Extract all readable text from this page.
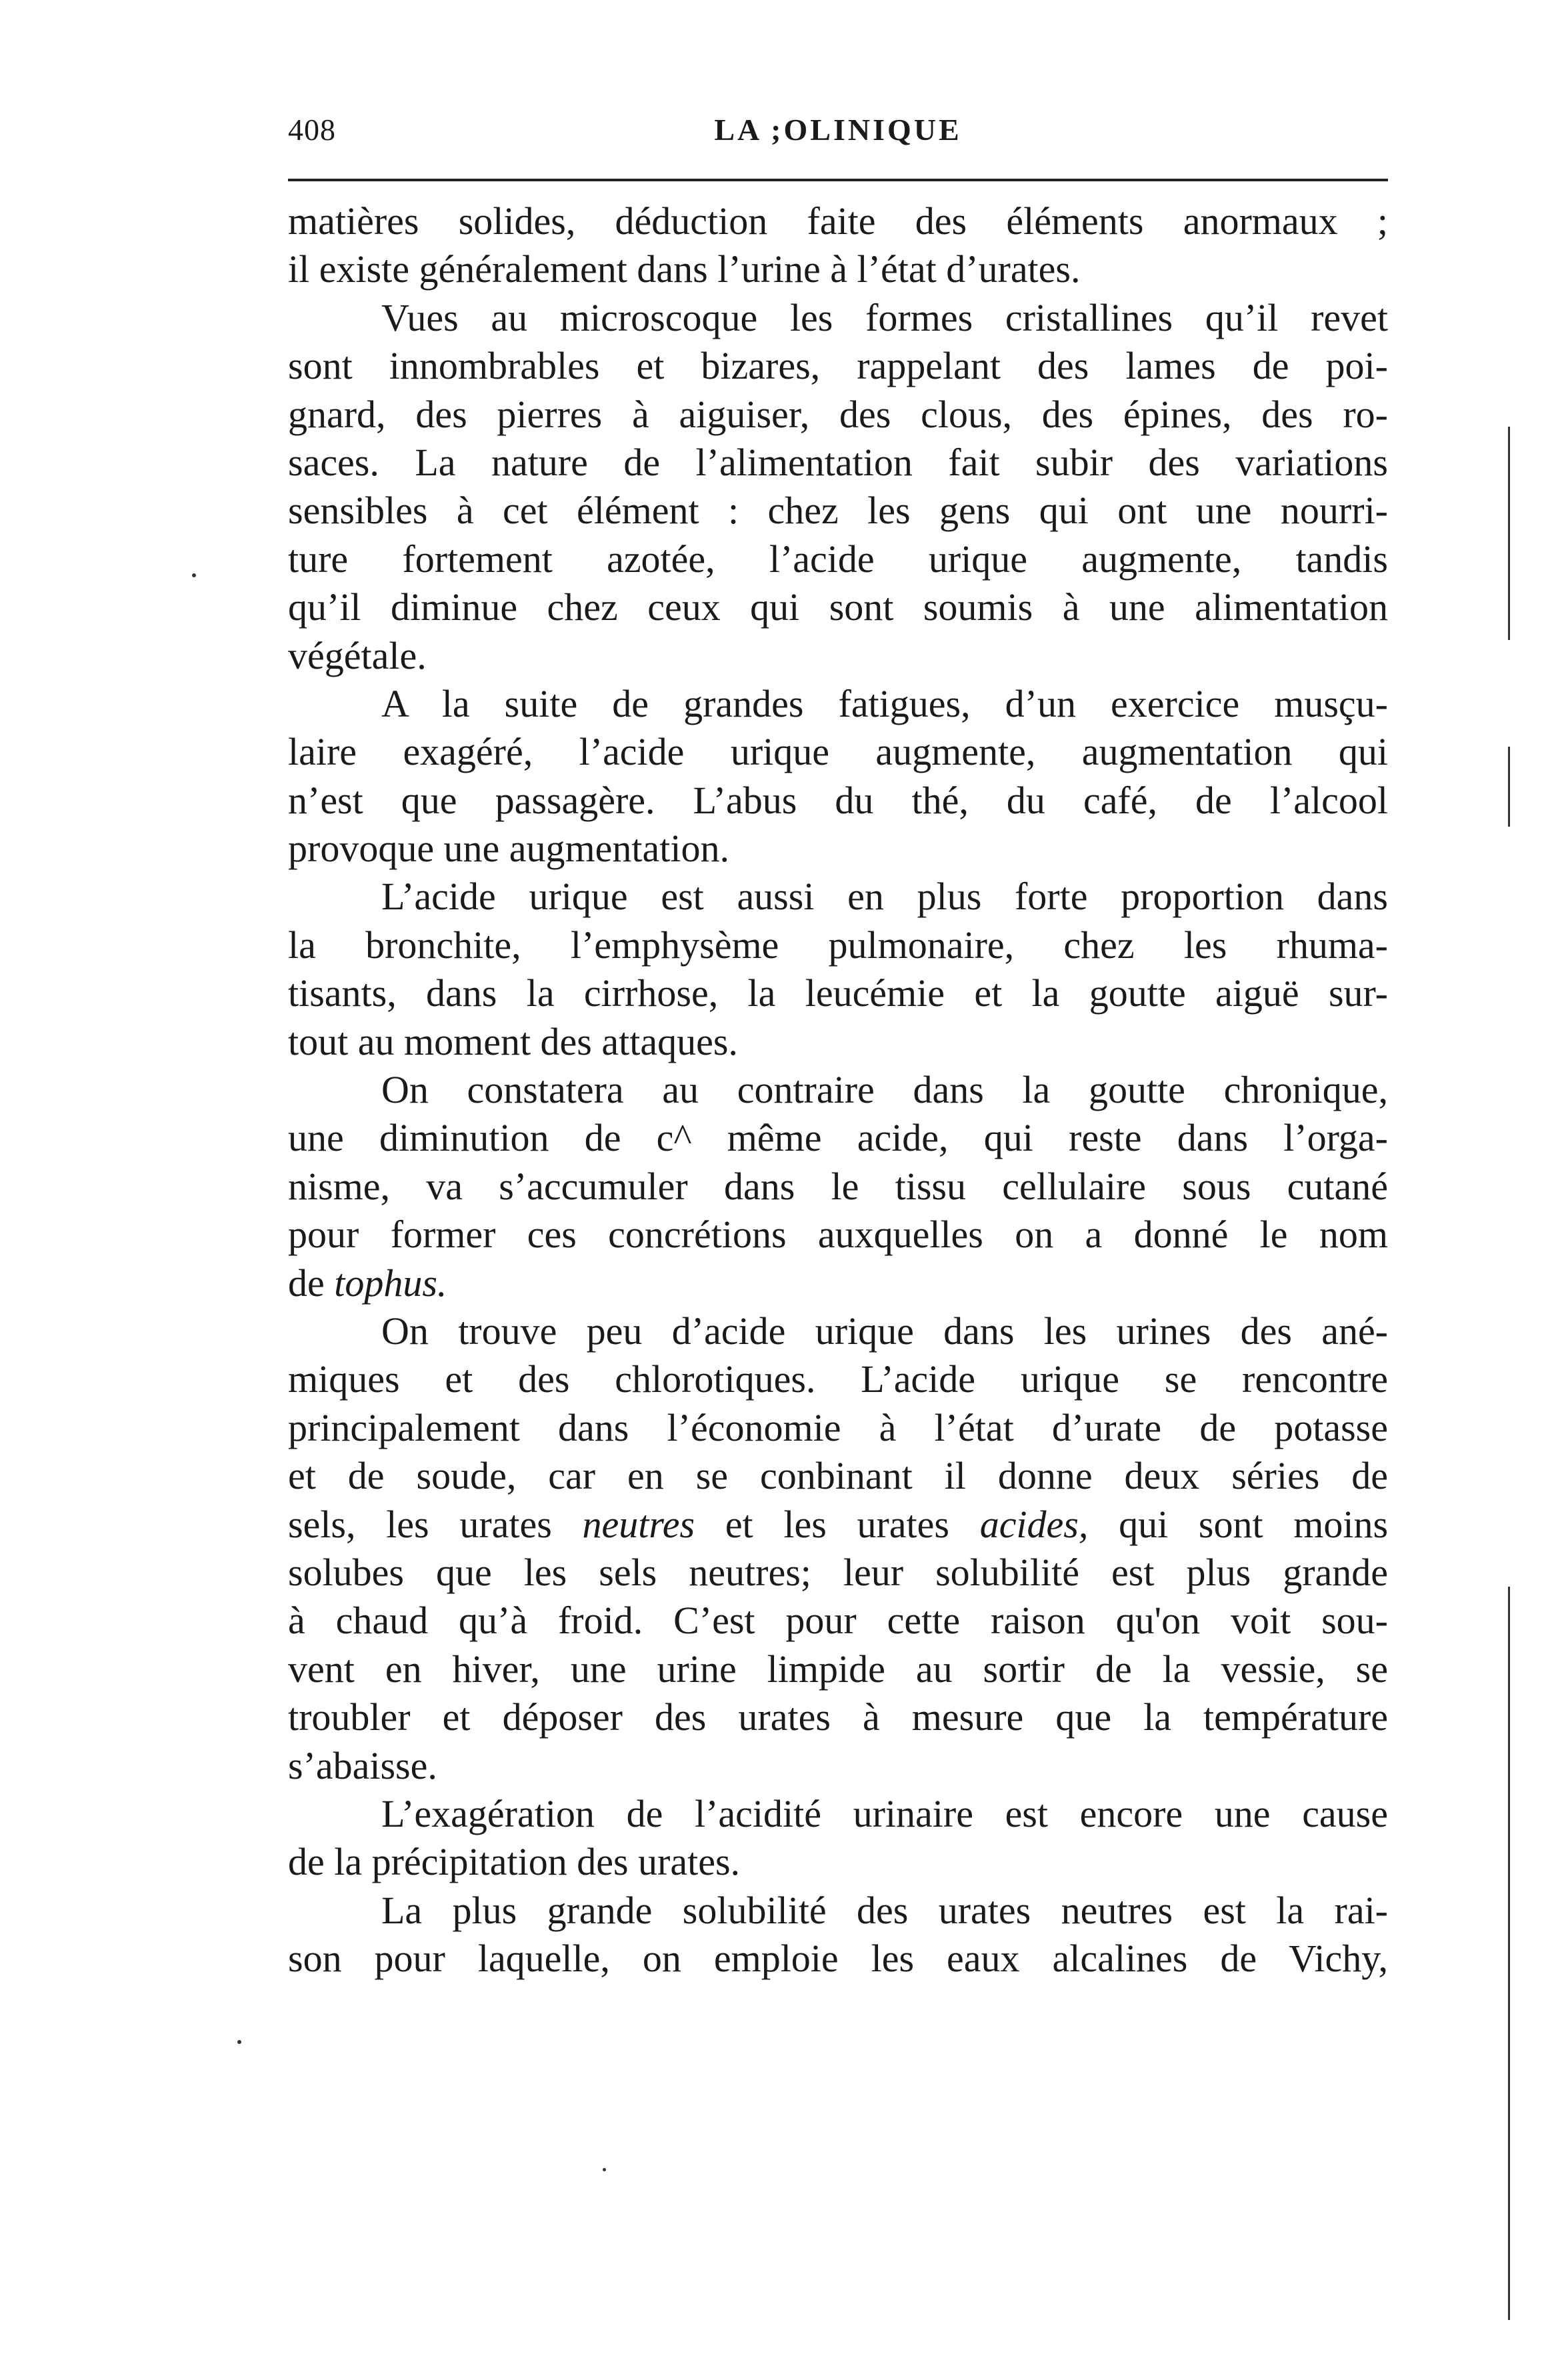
408	LA ;OLINIQUE
matières solides, déduction faite des éléments anormaux ;
il existe généralement dans l’urine à l’état d’urates.
Vues au microscoque les formes cristallines qu’il revet
sont innombrables et bizares, rappelant des lames de poi-
gnard, des pierres à aiguiser, des clous, des épines, des ro-
saces. La nature de l’alimentation fait subir des variations
sensibles à cet élément : chez les gens qui ont une nourri-
ture fortement azotée, l’acide urique augmente, tandis
qu’il diminue chez ceux qui sont soumis à une alimentation
végétale.
A la suite de grandes fatigues, d’un exercice musçu-
laire exagéré, l’acide urique augmente, augmentation qui
n’est que passagère. L’abus du thé, du café, de l’alcool
provoque une augmentation.
L’acide urique est aussi en plus forte proportion dans
la bronchite, l’emphysème pulmonaire, chez les rhuma-
tisants, dans la cirrhose, la leucémie et la goutte aiguë sur-
tout au moment des attaques.
On constatera au contraire dans la goutte chronique,
une diminution de c^ même acide, qui reste dans l’orga-
nisme, va s’accumuler dans le tissu cellulaire sous cutané
pour former ces concrétions auxquelles on a donné le nom
de tophus.
On trouve peu d’acide urique dans les urines des ané-
miques et des chlorotiques. L’acide urique se rencontre
principalement dans l’économie à l’état d’urate de potasse
et de soude, car en se conbinant il donne deux séries de
sels, les urates neutres et les urates acides, qui sont moins
solubes que les sels neutres; leur solubilité est plus grande
à chaud qu’à froid. C’est pour cette raison qu'on voit sou-
vent en hiver, une urine limpide au sortir de la vessie, se
troubler et déposer des urates à mesure que la température
s’abaisse.
L’exagération de l’acidité urinaire est encore une cause
de la précipitation des urates.
La plus grande solubilité des urates neutres est la rai-
son pour laquelle, on emploie les eaux alcalines de Vichy,
